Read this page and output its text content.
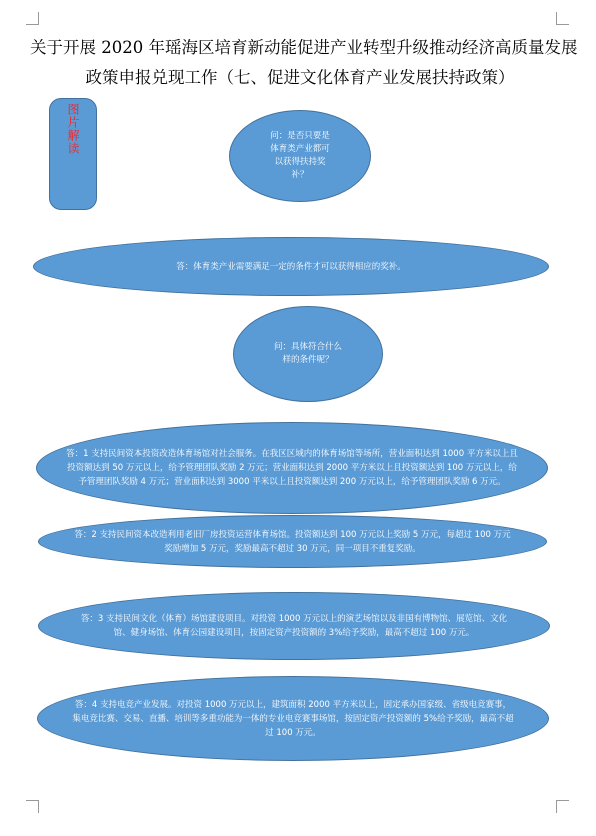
关于开展 2020 年瑶海区培育新动能促进产业转型升级推动经济高质量发展
政策申报兑现工作（七、促进文化体育产业发展扶持政策）
图片解读	问：是否只要是体育类产业都可以获得扶持奖补？
答：体育类产业需要满足一定的条件才可以获得相应的奖补。
问：具体符合什么样的条件呢？
答：1 支持民间资本投资改造体育场馆对社会服务。在我区区域内的体育场馆等场所，营业面积达到 1000 平方米以上且投资额达到 50 万元以上，给予管理团队奖励 2 万元；营业面积达到 2000 平方米以上且投资额达到 100 万元以上，给予管理团队奖励 4 万元；营业面积达到 3000 平米以上且投资额达到 200 万元以上，给予管理团队奖励 6 万元。
答：2 支持民间资本改造利用老旧厂房投资运营体育场馆。投资额达到 100 万元以上奖励 5 万元，每超过 100 万元奖励增加 5 万元，奖励最高不超过 30 万元，同一项目不重复奖励。
答：3 支持民间文化（体育）场馆建设项目。对投资 1000 万元以上的演艺场馆以及非国有博物馆、展览馆、文化馆、健身场馆、体育公园建设项目，按固定资产投资额的 3%给予奖励，最高不超过 100 万元。
答：4 支持电竞产业发展。对投资 1000 万元以上，建筑面积 2000 平方米以上，固定承办国家级、省级电竞赛事，集电竞比赛、交易、直播、培训等多重功能为一体的专业电竞赛事场馆，按固定资产投资额的 5%给予奖励，最高不超过 100 万元。
